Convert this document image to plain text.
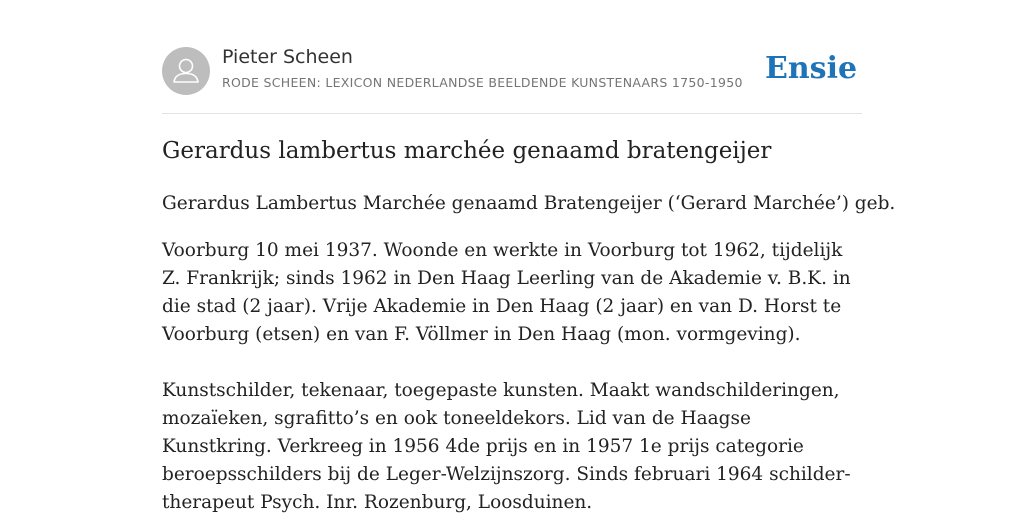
Pieter Scheen
RODE SCHEEN: LEXICON NEDERLANDSE BEELDENDE KUNSTENAARS 1750-1950 Ensie
Gerardus lambertus marchée genaamd bratengeijer
Gerardus Lambertus Marchée genaamd Bratengeijer (‘Gerard Marchée’) geb.
Voorburg 10 mei 1937. Woonde en werkte in Voorburg tot 1962, tijdelijk Z. Frankrijk; sinds 1962 in Den Haag Leerling van de Akademie v. B.K. in die stad (2 jaar). Vrije Akademie in Den Haag (2 jaar) en van D. Horst te Voorburg (etsen) en van F. Völlmer in Den Haag (mon. vormgeving).
Kunstschilder, tekenaar, toegepaste kunsten. Maakt wandschilderingen, mozaïeken, sgrafitto’s en ook toneeldekors. Lid van de Haagse Kunstkring. Verkreeg in 1956 4de prijs en in 1957 1e prijs categorie beroepsschilders bij de Leger-Welzijnszorg. Sinds februari 1964 schilder-therapeut Psych. Inr. Rozenburg, Loosduinen.
